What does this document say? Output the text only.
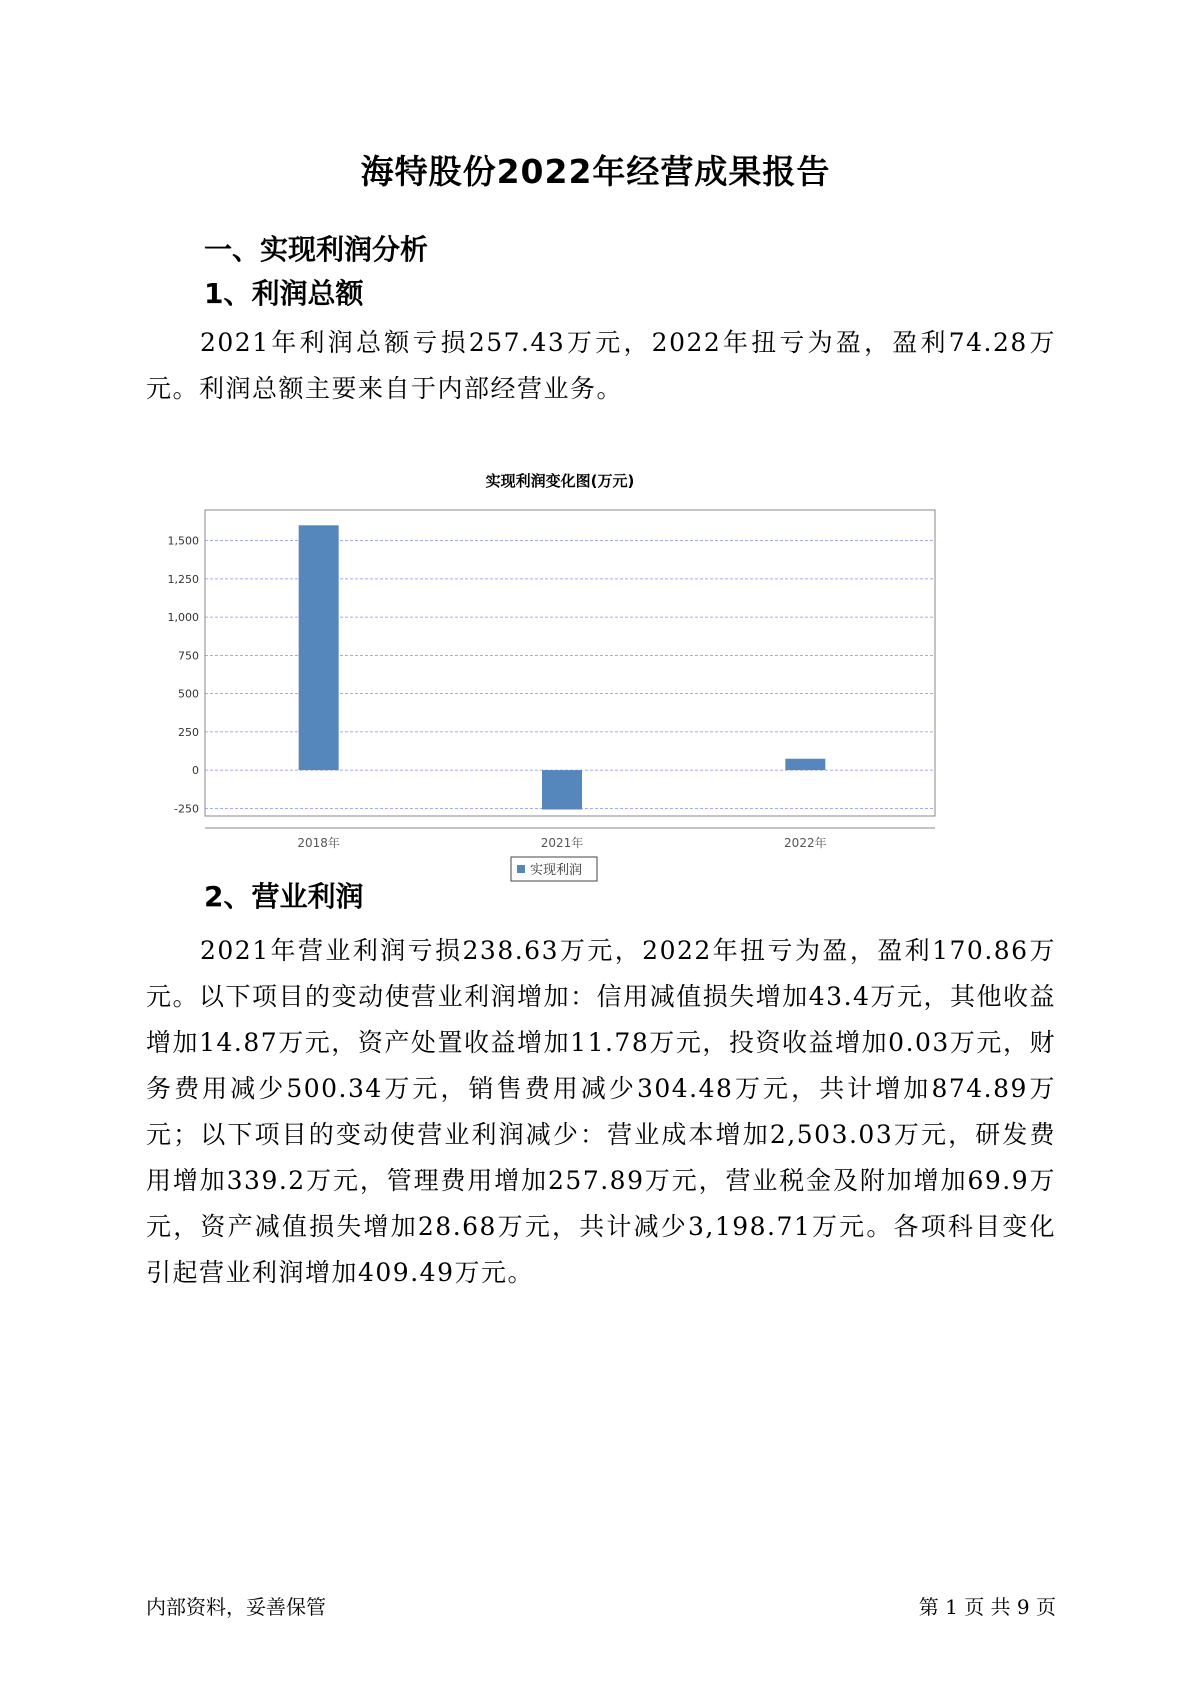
海特股份2022年经营成果报告
一、实现利润分析
1、利润总额
2021年利润总额亏损257.43万元，2022年扭亏为盈，盈利74.28万元。利润总额主要来自于内部经营业务。
实现利润变化图(万元)
-250
0
250
500
750
1,000
1,250
1,500
2018年	2021年	2022年
实现利润
2、营业利润
2021年营业利润亏损238.63万元，2022年扭亏为盈，盈利170.86万元。以下项目的变动使营业利润增加：信用减值损失增加43.4万元，其他收益增加14.87万元，资产处置收益增加11.78万元，投资收益增加0.03万元，财务费用减少500.34万元，销售费用减少304.48万元，共计增加874.89万元；以下项目的变动使营业利润减少：营业成本增加2,503.03万元，研发费用增加339.2万元，管理费用增加257.89万元，营业税金及附加增加69.9万元，资产减值损失增加28.68万元，共计减少3,198.71万元。各项科目变化引起营业利润增加409.49万元。
内部资料，妥善保管	第 1 页 共 9 页
